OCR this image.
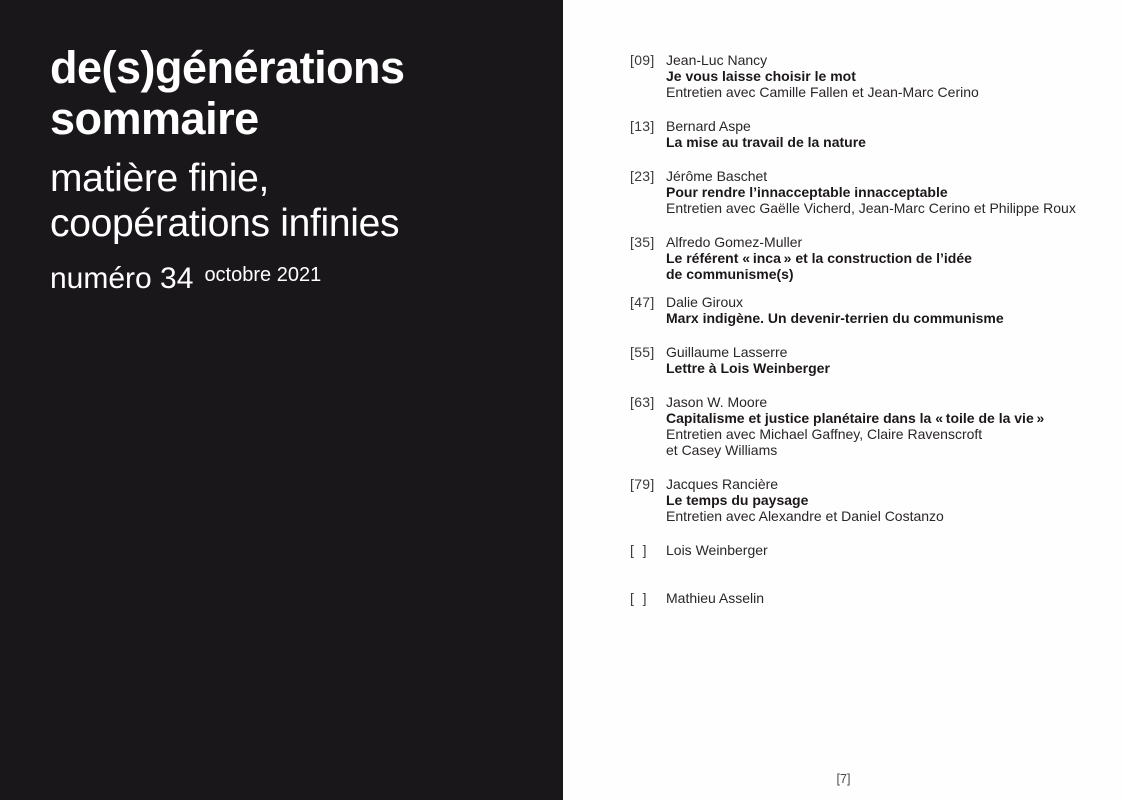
de(s)générations
sommaire
matière finie,
coopérations infinies
numéro 34 $^{octobre 2021}$
[09] Jean-Luc Nancy
Je vous laisse choisir le mot
Entretien avec Camille Fallen et Jean-Marc Cerino
[13] Bernard Aspe
La mise au travail de la nature
[23] Jérôme Baschet
Pour rendre l’innacceptable innacceptable
Entretien avec Gaëlle Vicherd, Jean-Marc Cerino et Philippe Roux
[35] Alfredo Gomez-Muller
Le référent « inca » et la construction de l’idée
de communisme(s)
[47] Dalie Giroux
Marx indigène. Un devenir-terrien du communisme
[55] Guillaume Lasserre
Lettre à Lois Weinberger
[63] Jason W. Moore
Capitalisme et justice planétaire dans la « toile de la vie »
Entretien avec Michael Gaffney, Claire Ravenscroft
et Casey Williams
[79] Jacques Rancière
Le temps du paysage
Entretien avec Alexandre et Daniel Costanzo
[  ]	Lois Weinberger
[  ]	Mathieu Asselin
[7]
